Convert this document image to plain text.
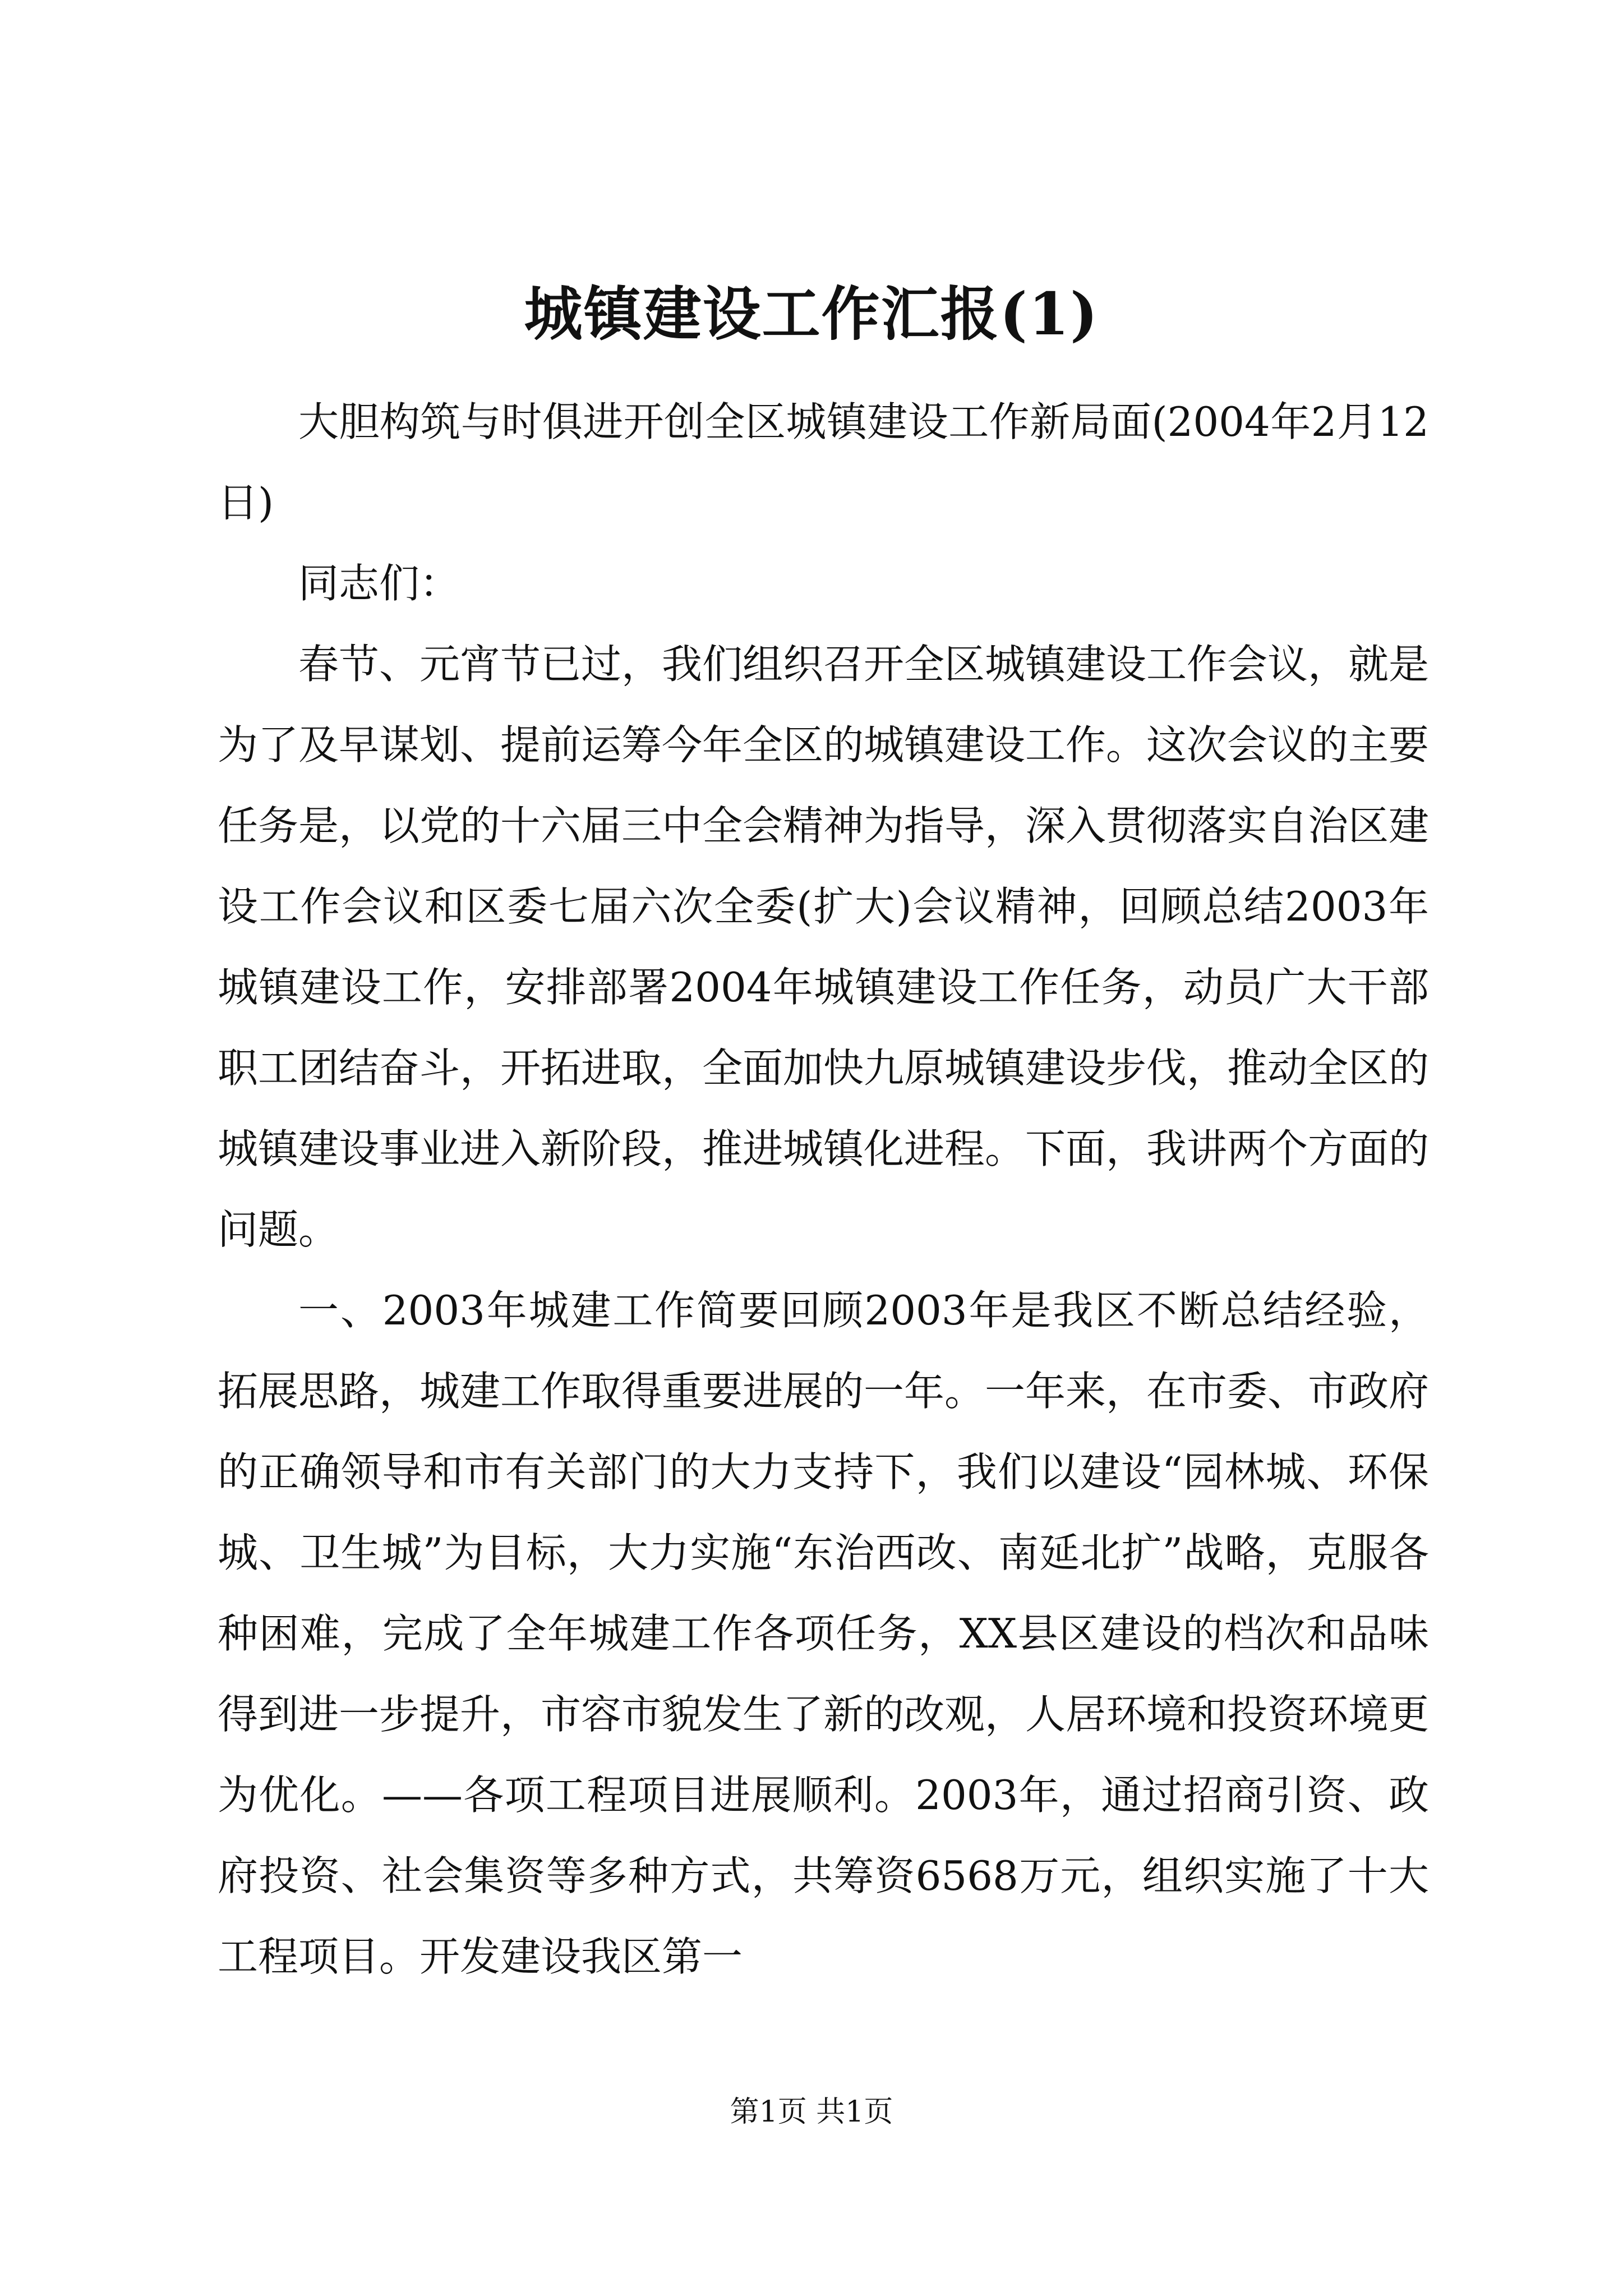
城镇建设工作汇报(1)

大胆构筑与时俱进开创全区城镇建设工作新局面(2004年2月12日)

同志们：

春节、元宵节已过，我们组织召开全区城镇建设工作会议，就是为了及早谋划、提前运筹今年全区的城镇建设工作。这次会议的主要任务是，以党的十六届三中全会精神为指导，深入贯彻落实自治区建设工作会议和区委七届六次全委(扩大)会议精神，回顾总结2003年城镇建设工作，安排部署2004年城镇建设工作任务，动员广大干部职工团结奋斗，开拓进取，全面加快九原城镇建设步伐，推动全区的城镇建设事业进入新阶段，推进城镇化进程。下面，我讲两个方面的问题。

一、2003年城建工作简要回顾2003年是我区不断总结经验，拓展思路，城建工作取得重要进展的一年。一年来，在市委、市政府的正确领导和市有关部门的大力支持下，我们以建设“园林城、环保城、卫生城”为目标，大力实施“东治西改、南延北扩”战略，克服各种困难，完成了全年城建工作各项任务，XX县区建设的档次和品味得到进一步提升，市容市貌发生了新的改观，人居环境和投资环境更为优化。——各项工程项目进展顺利。2003年，通过招商引资、政府投资、社会集资等多种方式，共筹资6568万元，组织实施了十大工程项目。开发建设我区第一

第1页 共1页
